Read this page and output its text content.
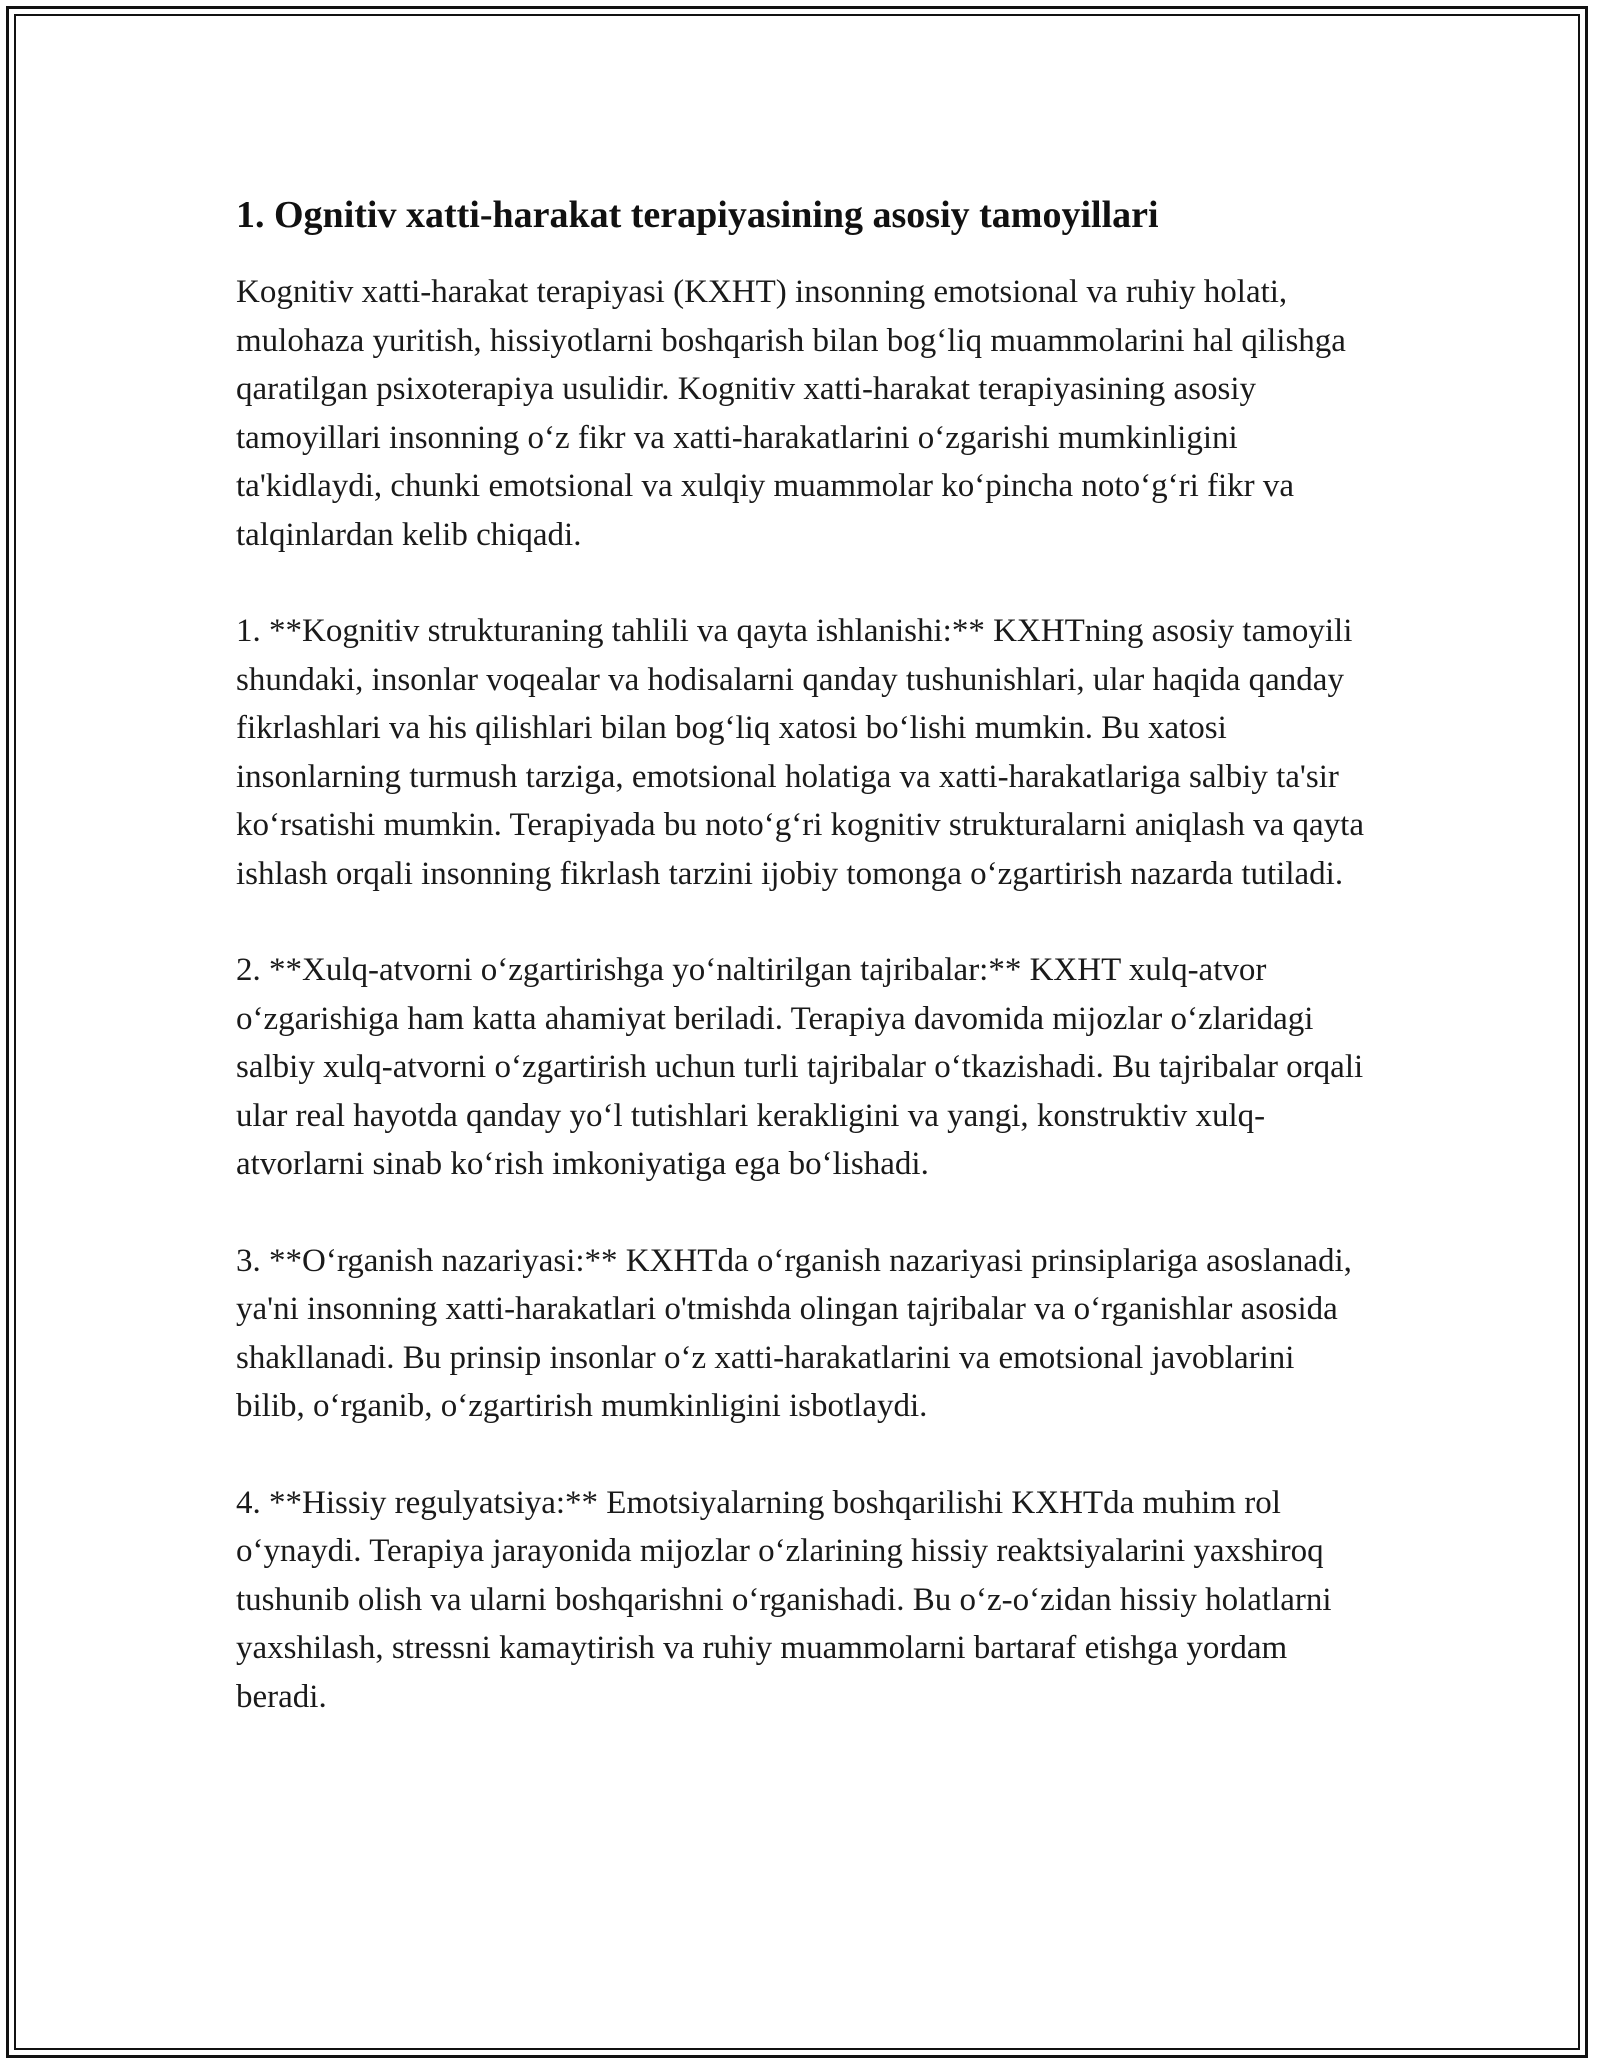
1. Ognitiv xatti-harakat terapiyasining asosiy tamoyillari

Kognitiv xatti-harakat terapiyasi (KXHT) insonning emotsional va ruhiy holati, mulohaza yuritish, hissiyotlarni boshqarish bilan bog‘liq muammolarini hal qilishga qaratilgan psixoterapiya usulidir. Kognitiv xatti-harakat terapiyasining asosiy tamoyillari insonning o‘z fikr va xatti-harakatlarini o‘zgarishi mumkinligini ta'kidlaydi, chunki emotsional va xulqiy muammolar ko‘pincha noto‘g‘ri fikr va talqinlardan kelib chiqadi.

1. **Kognitiv strukturaning tahlili va qayta ishlanishi:** KXHTning asosiy tamoyili shundaki, insonlar voqealar va hodisalarni qanday tushunishlari, ular haqida qanday fikrlashlari va his qilishlari bilan bog‘liq xatosi bo‘lishi mumkin. Bu xatosi insonlarning turmush tarziga, emotsional holatiga va xatti-harakatlariga salbiy ta'sir ko‘rsatishi mumkin. Terapiyada bu noto‘g‘ri kognitiv strukturalarni aniqlash va qayta ishlash orqali insonning fikrlash tarzini ijobiy tomonga o‘zgartirish nazarda tutiladi.

2. **Xulq-atvorni o‘zgartirishga yo‘naltirilgan tajribalar:** KXHT xulq-atvor o‘zgarishiga ham katta ahamiyat beriladi. Terapiya davomida mijozlar o‘zlaridagi salbiy xulq-atvorni o‘zgartirish uchun turli tajribalar o‘tkazishadi. Bu tajribalar orqali ular real hayotda qanday yo‘l tutishlari kerakligini va yangi, konstruktiv xulq-atvorlarni sinab ko‘rish imkoniyatiga ega bo‘lishadi.

3. **O‘rganish nazariyasi:** KXHTda o‘rganish nazariyasi prinsiplariga asoslanadi, ya'ni insonning xatti-harakatlari o'tmishda olingan tajribalar va o‘rganishlar asosida shakllanadi. Bu prinsip insonlar o‘z xatti-harakatlarini va emotsional javoblarini bilib, o‘rganib, o‘zgartirish mumkinligini isbotlaydi.

4. **Hissiy regulyatsiya:** Emotsiyalarning boshqarilishi KXHTda muhim rol o‘ynaydi. Terapiya jarayonida mijozlar o‘zlarining hissiy reaktsiyalarini yaxshiroq tushunib olish va ularni boshqarishni o‘rganishadi. Bu o‘z-o‘zidan hissiy holatlarni yaxshilash, stressni kamaytirish va ruhiy muammolarni bartaraf etishga yordam beradi.
